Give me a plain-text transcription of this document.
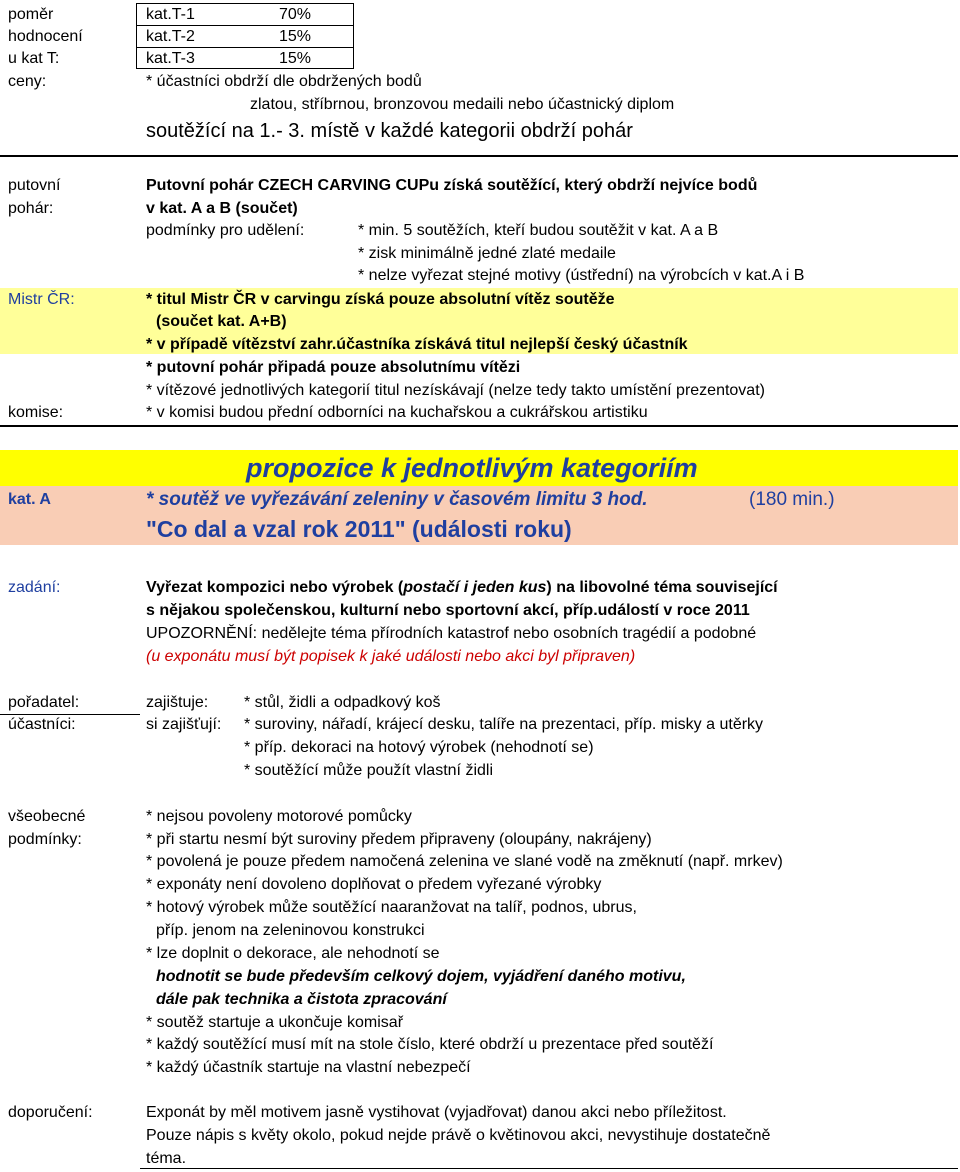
poměr	kat.T-1	70%
hodnocení	kat.T-2	15%
u kat T:	kat.T-3	15%
ceny:	* účastníci obdrží dle obdržených bodů
zlatou, stříbrnou, bronzovou medaili nebo účastnický diplom
soutěžící na 1.- 3. místě v každé kategorii obdrží pohár
putovní
pohár:
Putovní pohár CZECH CARVING CUPu získá soutěžící, který obdrží nejvíce bodů
v kat. A a B (součet)
podmínky pro udělení:	* min. 5 soutěžích, kteří budou soutěžit v kat. A a B
* zisk minimálně jedné zlaté medaile
* nelze vyřezat stejné motivy (ústřední) na výrobcích v kat.A i B
Mistr ČR:	* titul Mistr ČR v carvingu získá pouze absolutní vítěz soutěže
(součet kat. A+B)
* v případě vítězství zahr.účastníka získává titul nejlepší český účastník
* putovní pohár připadá pouze absolutnímu vítězi
* vítězové jednotlivých kategorií titul nezískávají (nelze tedy takto umístění prezentovat)
komise:	* v komisi budou přední odborníci na kuchařskou a cukrářskou artistiku
propozice k jednotlivým kategoriím
kat. A	* soutěž ve vyřezávání zeleniny v časovém limitu 3 hod.	(180 min.)
"Co dal a vzal rok 2011" (události roku)
zadání:	Vyřezat kompozici nebo výrobek (postačí i jeden kus) na libovolné téma související
s nějakou společenskou, kulturní nebo sportovní akcí, příp.událostí v roce 2011
UPOZORNĚNÍ: nedělejte téma přírodních katastrof nebo osobních tragédií a podobné
(u exponátu musí být popisek k jaké události nebo akci byl připraven)
pořadatel:	zajištuje: * stůl, židli a odpadkový koš
účastníci:	si zajišťují: * suroviny, nářadí, krájecí desku, talíře na prezentaci, příp. misky a utěrky
* příp. dekoraci na hotový výrobek (nehodnotí se)
* soutěžící může použít vlastní židli
všeobecné
podmínky:
* nejsou povoleny motorové pomůcky
* při startu nesmí být suroviny předem připraveny (oloupány, nakrájeny)
* povolená je pouze předem namočená zelenina ve slané vodě na změknutí (např. mrkev)
* exponáty není dovoleno doplňovat o předem vyřezané výrobky
* hotový výrobek může soutěžící naaranžovat na talíř, podnos, ubrus,
příp. jenom na zeleninovou konstrukci
* lze doplnit o dekorace, ale nehodnotí se
hodnotit se bude především celkový dojem, vyjádření daného motivu,
dále pak technika a čistota zpracování
* soutěž startuje a ukončuje komisař
* každý soutěžící musí mít na stole číslo, které obdrží u prezentace před soutěží
* každý účastník startuje na vlastní nebezpečí
doporučení:	Exponát by měl motivem jasně vystihovat (vyjadřovat) danou akci nebo příležitost.
Pouze nápis s květy okolo, pokud nejde právě o květinovou akci, nevystihuje dostatečně
téma.
